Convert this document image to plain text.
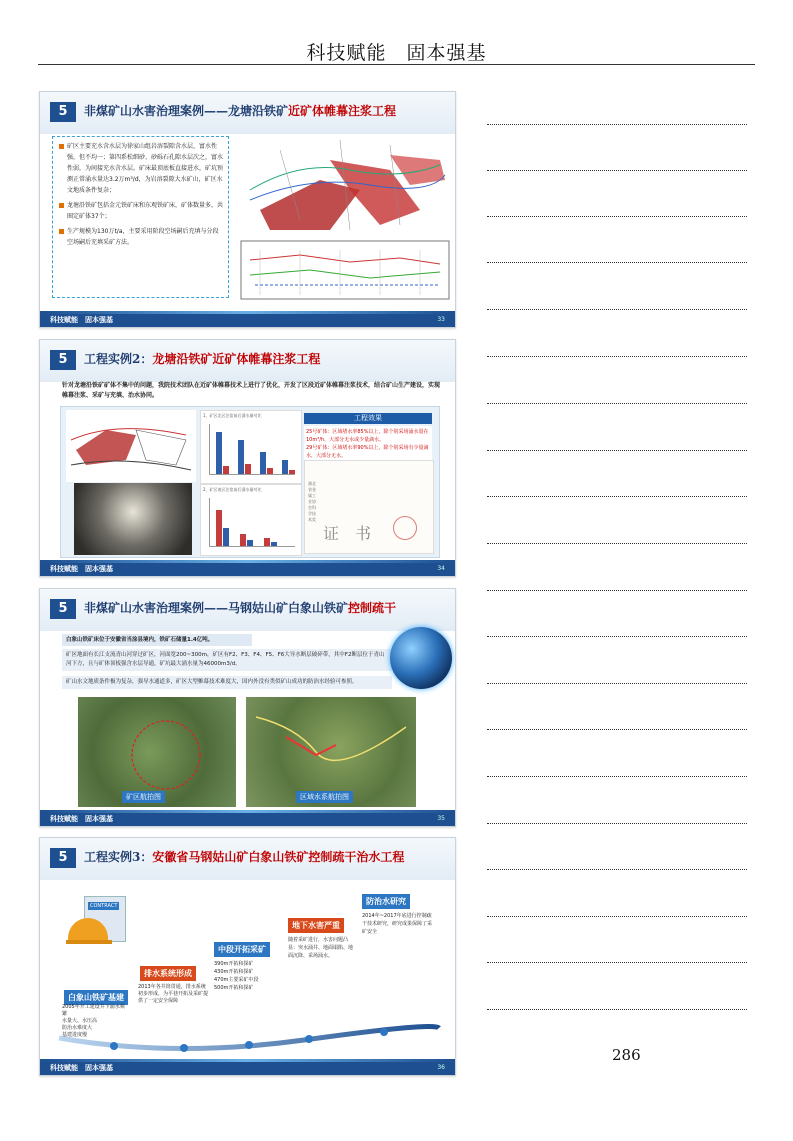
科技赋能　固本强基
5	非煤矿山水害治理案例——龙塘沿铁矿近矿体帷幕注浆工程
矿区主要充水含水层为徐家山组岩溶裂隙含水层，富水性强，但不均一；第四系松细砂、砂砾石孔隙水层次之，富水性弱，为间接充水含水层。矿床最顶底板直接进水，矿坑预测正常涌水量达3.2万m³/d，为岩溶裂隙大水矿山，矿区水文地质条件复杂；
龙塘沿铁矿包括金元铁矿床和东观铁矿床，矿体数量多，共圈定矿体37个；
生产规模为130万t/a，主要采用阶段空场嗣后充填与分段空场嗣后充填采矿方法。
科技赋能　固本强基	33
5	工程实例2：龙塘沿铁矿近矿体帷幕注浆工程
针对龙塘沿铁矿矿体不集中的问题，我院技术团队在近矿体帷幕技术上进行了优化，开发了区段近矿体帷幕注浆技术，结合矿山生产建设，实现帷幕注浆、采矿与充填、治水协同。
1、矿区北区注浆前后涌水量对比
2、矿区南区注浆前后涌水量对比
工程效果
25号矿体：区域堵水率85%以上，除个别采场涌水量在10m³/h，大部分无水或少量滴水。
29号矿体：区域堵水率90%以上，除个别采场有少量滴水，大部分无水。
湖北省金属工业协会科学技术奖
证　书
科技赋能　固本强基	34
5	非煤矿山水害治理案例——马钢姑山矿白象山铁矿控制疏干
白象山铁矿床位于安徽省当涂县境内，铁矿石储量1.4亿吨。
矿区地面有长江支流青山河穿过矿区，河面宽200~300m，矿区有F2、F3、F4、F5、F6大导水断层破碎带，其中F2断层位于青山河下方，且与矿体顶板强含水层导通，矿坑最大涌水量为46000m3/d。
矿山水文地质条件极为复杂，强导水通道多，矿区大型帷幕技术难度大，国内外没有类似矿山成功的防治水经验可参照。
矿区航拍图	区域水系航拍图
科技赋能　固本强基	35
5	工程实例3：安徽省马钢姑山矿白象山铁矿控制疏干治水工程
CONTRACT
白象山铁矿基建
2005年开工建设井下涌水频繁
水量大、水压高
防治水难度大
基建进度慢
排水系统形成
2013年各井筒贯通，排水系统初步形成，为平巷开拓及采矿提供了一定安全保障
中段开拓采矿
390m开拓和探矿
430m开拓和探矿
470m主要采矿中段
500m开拓和探矿
地下水害严重
随着采矿进行，水害问题凸显：突水涌井、地面塌陷、地面沉降、采场涌水。
防治水研究
2014年~2017年底进行控制疏干技术研究，研究成果保障了采矿安全
科技赋能　固本强基	36
286
